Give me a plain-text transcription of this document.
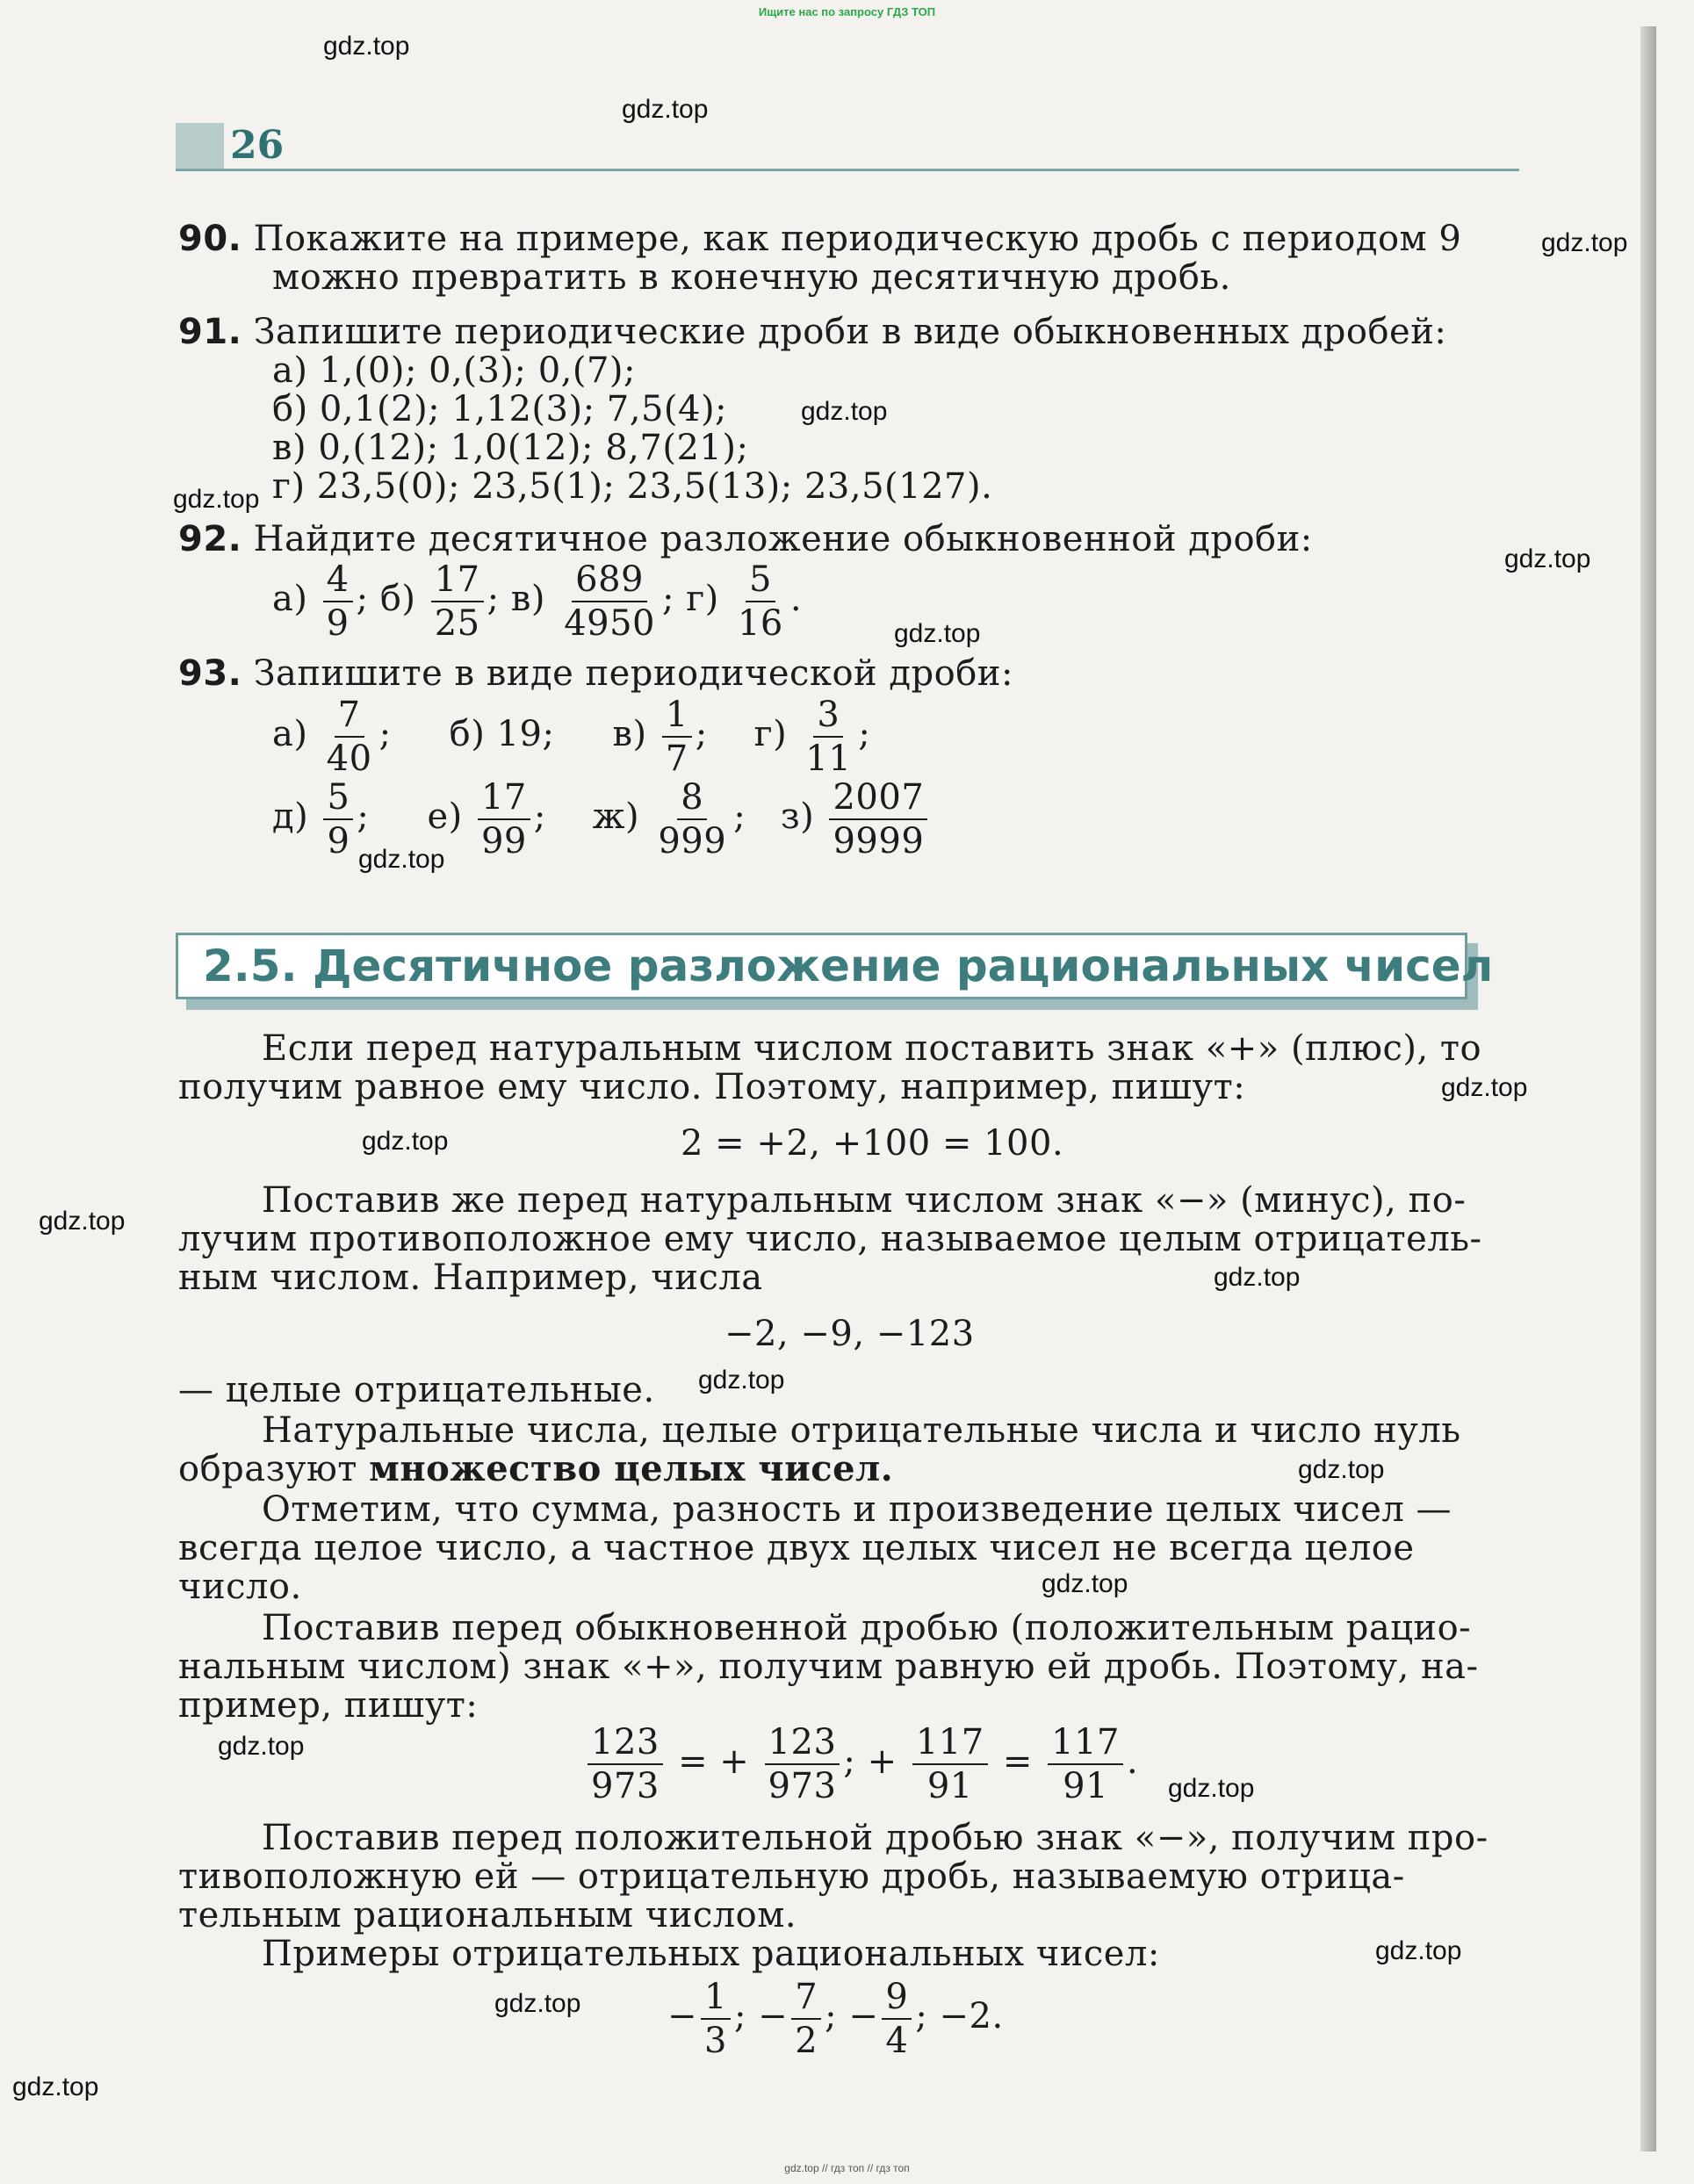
Ищите нас по запросу ГДЗ ТОП
26
90. Покажите на примере, как периодическую дробь с периодом 9
можно превратить в конечную десятичную дробь.
91. Запишите периодические дроби в виде обыкновенных дробей:
а) 1,(0); 0,(3); 0,(7);
б) 0,1(2); 1,12(3); 7,5(4);
в) 0,(12); 1,0(12); 8,7(21);
г) 23,5(0); 23,5(1); 23,5(13); 23,5(127).
92. Найдите десятичное разложение обыкновенной дроби:
$а) \frac{4}{9}$ ; $б) \frac{17}{25}$ ; $в) \frac{689}{4950}$ ; $г) \frac{5}{16}$ .
93. Запишите в виде периодической дроби:
$а) \frac{7}{40}$ ;     б) 19; $в) \frac{1}{7}$ ;    $г) \frac{3}{11}$ ;
$д) \frac{5}{9}$ ;     $е) \frac{17}{99}$ ;    $ж) \frac{8}{999}$ ;   $з) \frac{2007}{9999}$
2.5. Десятичное разложение рациональных чисел
Если перед натуральным числом поставить знак «+» (плюс), то
получим равное ему число. Поэтому, например, пишут:
2 = +2, +100 = 100.
Поставив же перед натуральным числом знак «−» (минус), по-
лучим противоположное ему число, называемое целым отрицатель-
ным числом. Например, числа
−2, −9, −123
— целые отрицательные.
Натуральные числа, целые отрицательные числа и число нуль
образуют множество целых чисел.
Отметим, что сумма, разность и произведение целых чисел —
всегда целое число, а частное двух целых чисел не всегда целое
число.
Поставив перед обыкновенной дробью (положительным рацио-
нальным числом) знак «+», получим равную ей дробь. Поэтому, на-
пример, пишут:
$\frac{123}{973}$ = + $\frac{123}{973}$ ; + $\frac{117}{91} = \frac{117}{91}$ .
Поставив перед положительной дробью знак «−», получим про-
тивоположную ей — отрицательную дробь, называемую отрица-
тельным рациональным числом.
Примеры отрицательных рациональных чисел:
− $\frac{1}{3}$ ; − $\frac{7}{2}$ ; − $\frac{9}{4}$ ; −2.
gdz.top
gdz.top
gdz.top
gdz.top
gdz.top
gdz.top
gdz.top
gdz.top
gdz.top
gdz.top
gdz.top
gdz.top
gdz.top
gdz.top
gdz.top
gdz.top
gdz.top
gdz.top
gdz.top
gdz.top
gdz.top // гдз топ // гдз топ
